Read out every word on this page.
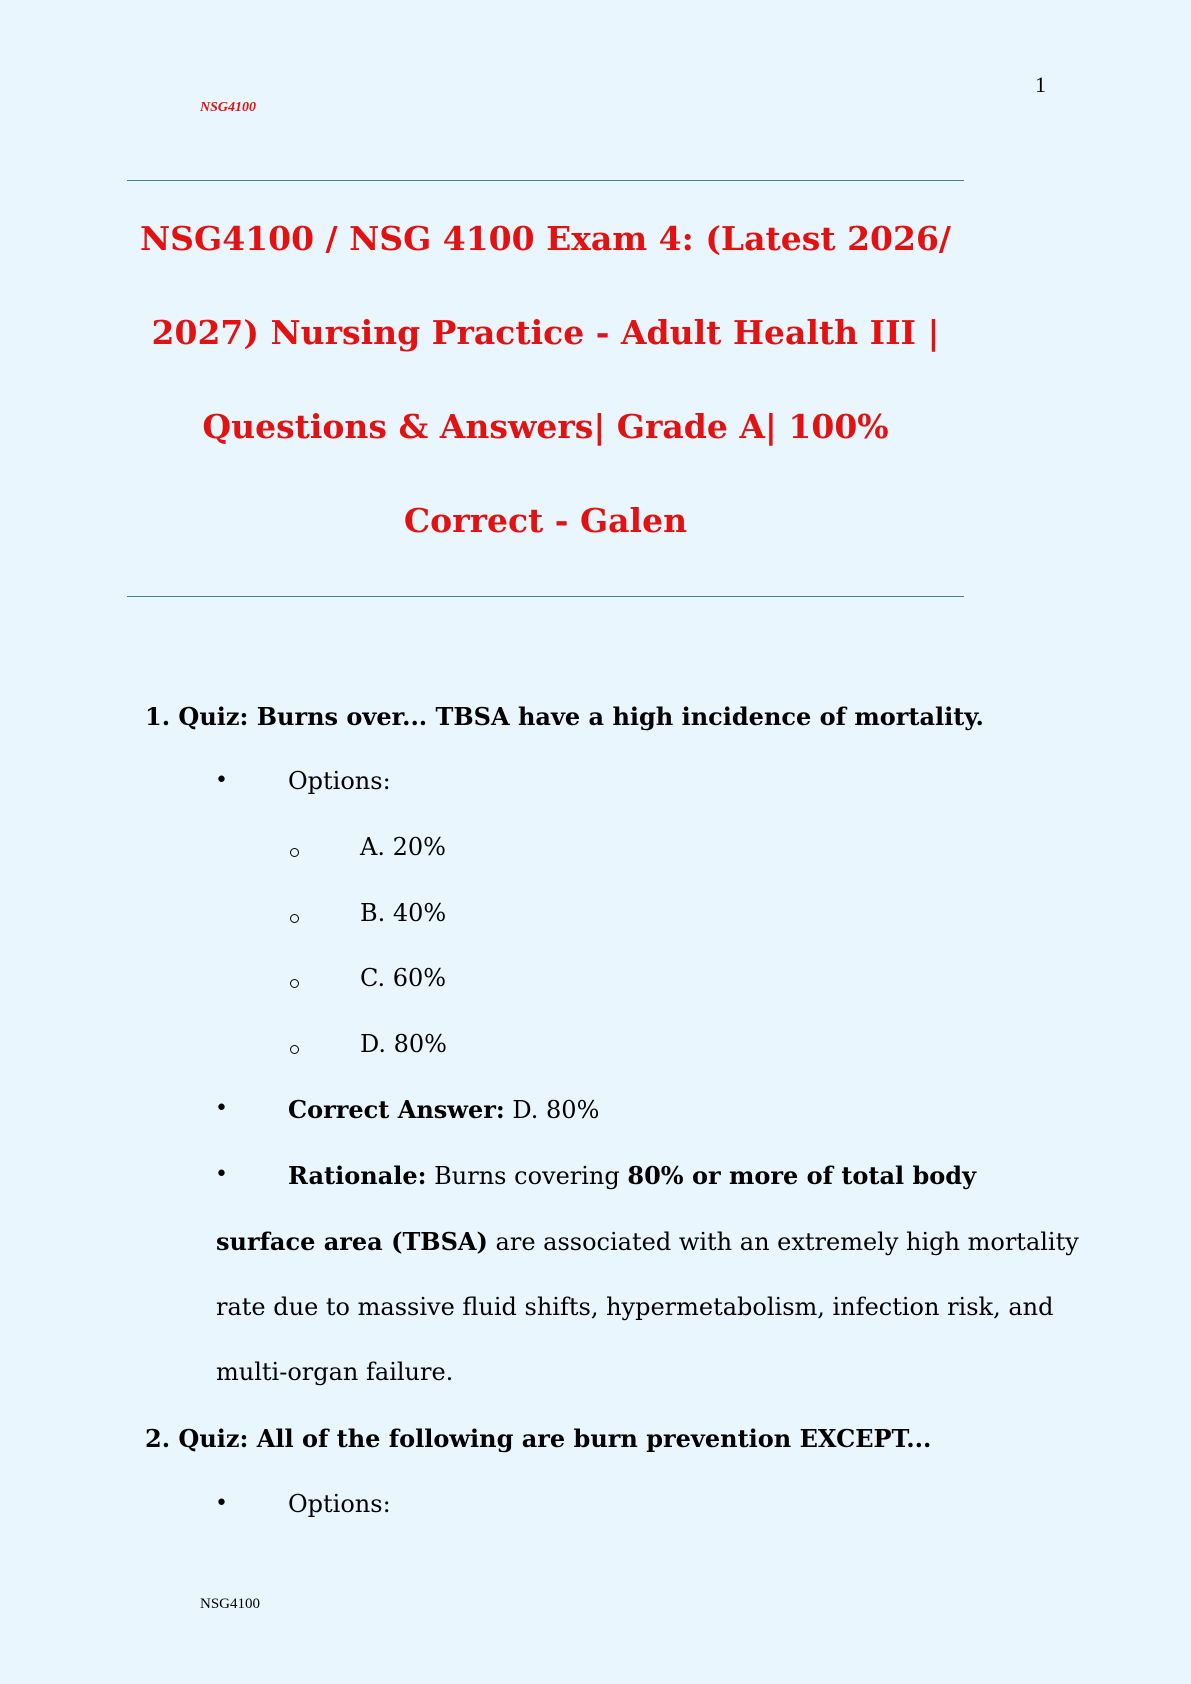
1
NSG4100
NSG4100 / NSG 4100 Exam 4: (Latest 2026/
2027) Nursing Practice - Adult Health III |
Questions & Answers| Grade A| 100%
Correct - Galen
1. Quiz: Burns over... TBSA have a high incidence of mortality.
•	Options:
A. 20%
B. 40%
C. 60%
D. 80%
•	Correct Answer: D. 80%
•	Rationale: Burns covering 80% or more of total body
surface area (TBSA) are associated with an extremely high mortality
rate due to massive fluid shifts, hypermetabolism, infection risk, and
multi-organ failure.
2. Quiz: All of the following are burn prevention EXCEPT...
•	Options:
NSG4100
